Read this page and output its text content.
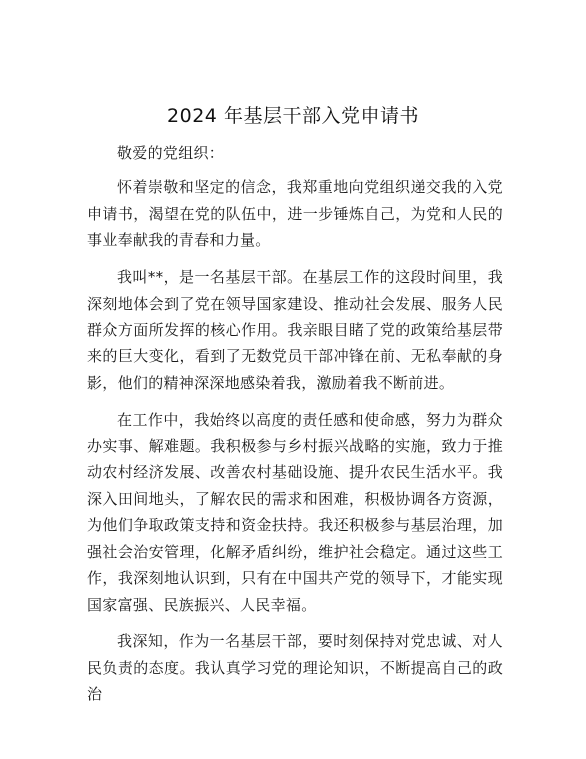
2024 年基层干部入党申请书

敬爱的党组织：

怀着崇敬和坚定的信念，我郑重地向党组织递交我的入党申请书，渴望在党的队伍中，进一步锤炼自己，为党和人民的事业奉献我的青春和力量。

我叫**，是一名基层干部。在基层工作的这段时间里，我深刻地体会到了党在领导国家建设、推动社会发展、服务人民群众方面所发挥的核心作用。我亲眼目睹了党的政策给基层带来的巨大变化，看到了无数党员干部冲锋在前、无私奉献的身影，他们的精神深深地感染着我，激励着我不断前进。

在工作中，我始终以高度的责任感和使命感，努力为群众办实事、解难题。我积极参与乡村振兴战略的实施，致力于推动农村经济发展、改善农村基础设施、提升农民生活水平。我深入田间地头，了解农民的需求和困难，积极协调各方资源，为他们争取政策支持和资金扶持。我还积极参与基层治理，加强社会治安管理，化解矛盾纠纷，维护社会稳定。通过这些工作，我深刻地认识到，只有在中国共产党的领导下，才能实现国家富强、民族振兴、人民幸福。

我深知，作为一名基层干部，要时刻保持对党忠诚、对人民负责的态度。我认真学习党的理论知识，不断提高自己的政治
